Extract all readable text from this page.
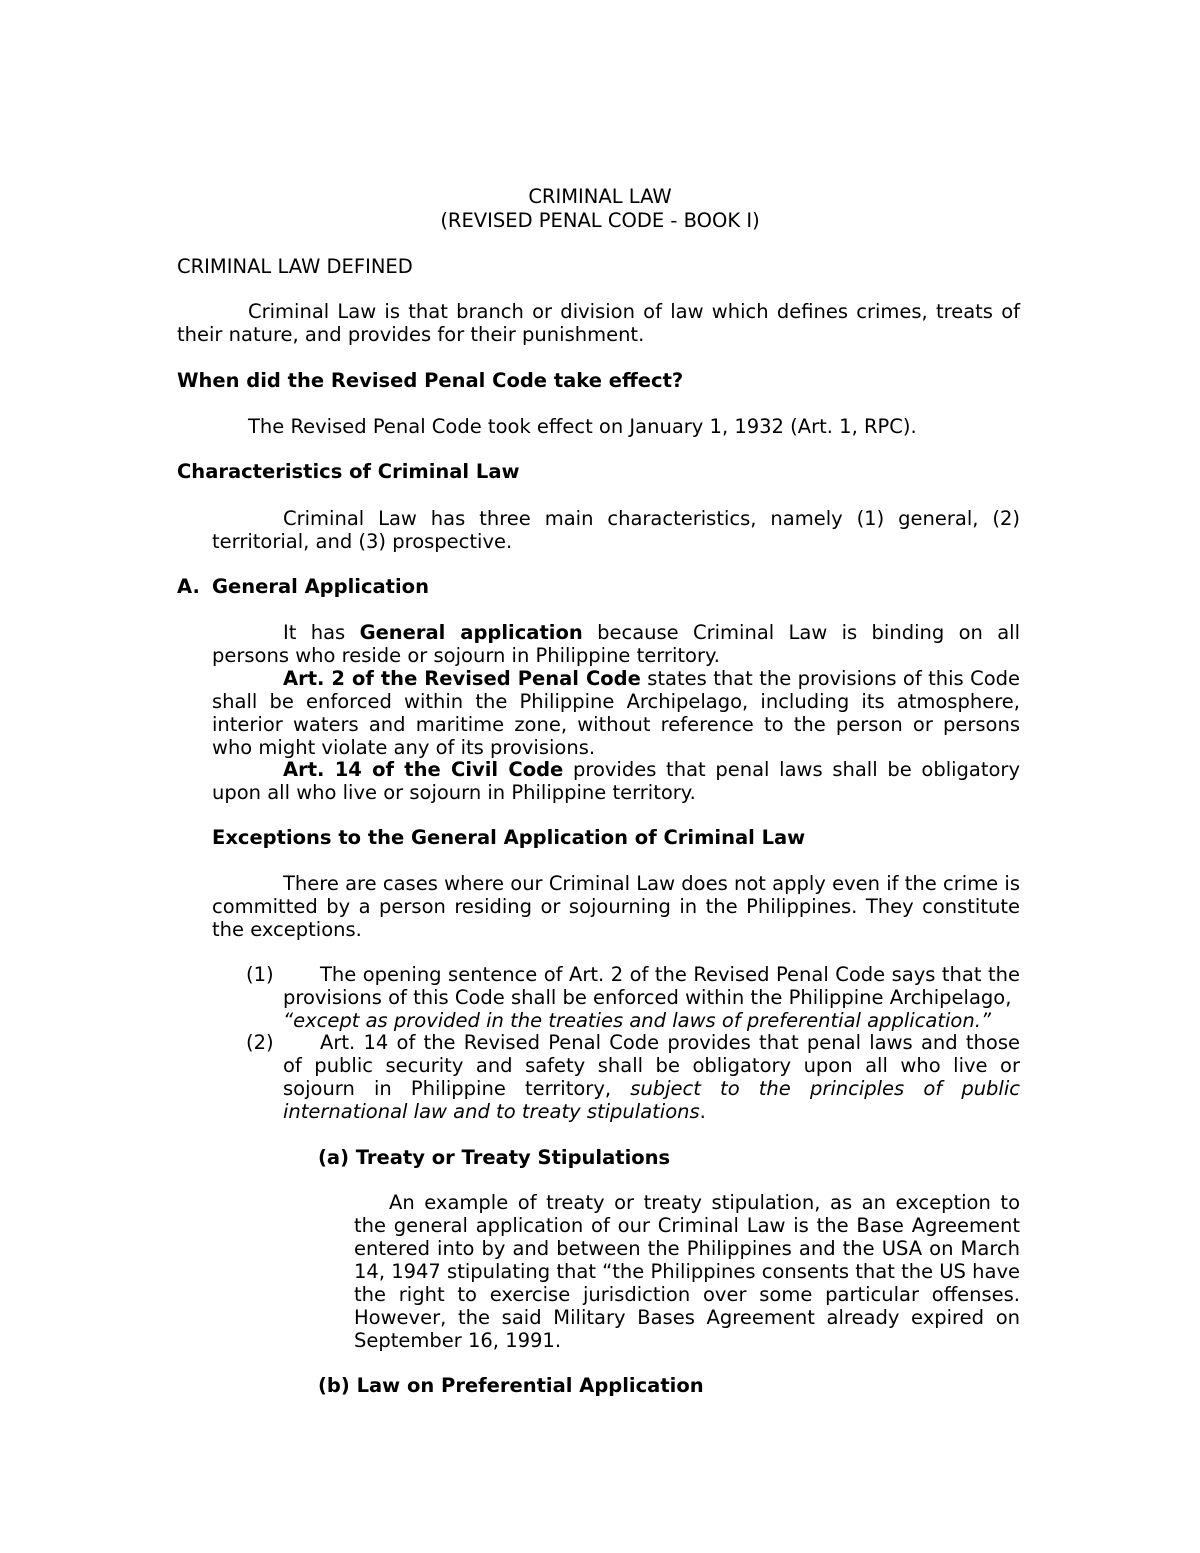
CRIMINAL LAW
(REVISED PENAL CODE - BOOK I)
CRIMINAL LAW DEFINED
Criminal Law is that branch or division of law which defines crimes, treats of
their nature, and provides for their punishment.
When did the Revised Penal Code take effect?
The Revised Penal Code took effect on January 1, 1932 (Art. 1, RPC).
Characteristics of Criminal Law
Criminal Law has three main characteristics, namely (1) general, (2)
territorial, and (3) prospective.
A. General Application
It has General application because Criminal Law is binding on all
persons who reside or sojourn in Philippine territory.
Art. 2 of the Revised Penal Code states that the provisions of this Code
shall be enforced within the Philippine Archipelago, including its atmosphere,
interior waters and maritime zone, without reference to the person or persons
who might violate any of its provisions.
Art. 14 of the Civil Code provides that penal laws shall be obligatory
upon all who live or sojourn in Philippine territory.
Exceptions to the General Application of Criminal Law
There are cases where our Criminal Law does not apply even if the crime is
committed by a person residing or sojourning in the Philippines. They constitute
the exceptions.
(1) The opening sentence of Art. 2 of the Revised Penal Code says that the
provisions of this Code shall be enforced within the Philippine Archipelago,
“except as provided in the treaties and laws of preferential application.”
(2) Art. 14 of the Revised Penal Code provides that penal laws and those
of public security and safety shall be obligatory upon all who live or
sojourn in Philippine territory, subject to the principles of public
international law and to treaty stipulations.
(a) Treaty or Treaty Stipulations
An example of treaty or treaty stipulation, as an exception to
the general application of our Criminal Law is the Base Agreement
entered into by and between the Philippines and the USA on March
14, 1947 stipulating that “the Philippines consents that the US have
the right to exercise jurisdiction over some particular offenses.
However, the said Military Bases Agreement already expired on
September 16, 1991.
(b) Law on Preferential Application
